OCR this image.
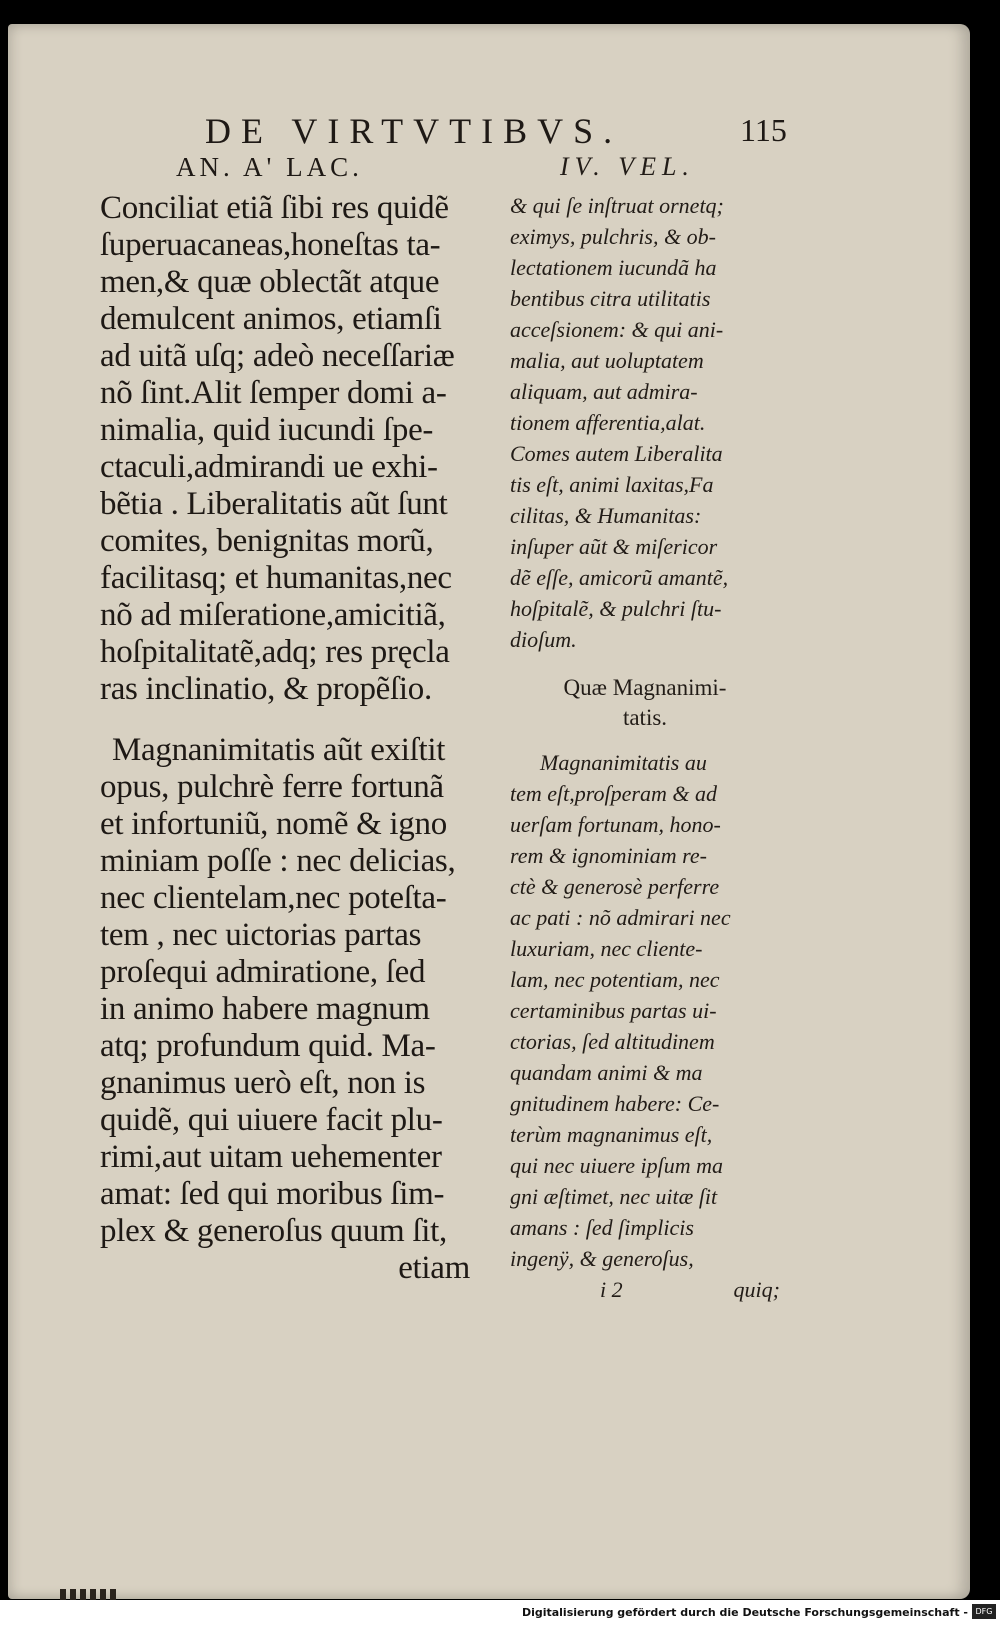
DE VIRTVTIBVS.	115
AN. A' LAC.
Conciliat etiã ſibi res quidẽ
ſuperuacaneas,honeſtas ta-
men,& quæ oblectãt atque
demulcent animos, etiamſi
ad uitã uſq; adeò neceſſariæ
nõ ſint.Alit ſemper domi a-
nimalia, quid iucundi ſpe-
ctaculi,admirandi ue exhi-
bẽtia . Liberalitatis aũt ſunt
comites, benignitas morũ,
facilitasq; et humanitas,nec
nõ ad miſeratione,amicitiã,
hoſpitalitatẽ,adq; res pręcla
ras inclinatio, & propẽſio.
Magnanimitatis aũt exiſtit
opus, pulchrè ferre fortunã
et infortuniũ, nomẽ & igno
miniam poſſe : nec delicias,
nec clientelam,nec poteſta-
tem , nec uictorias partas
proſequi admiratione, ſed
in animo habere magnum
atq; profundum quid. Ma-
gnanimus uerò eſt, non is
quidẽ, qui uiuere facit plu-
rimi,aut uitam uehementer
amat: ſed qui moribus ſim-
plex & generoſus quum ſit,
etiam
IV. VEL.
& qui ſe inſtruat ornetq;
eximys, pulchris, & ob-
lectationem iucundã ha
bentibus citra utilitatis
acceſsionem: & qui ani-
malia, aut uoluptatem
aliquam, aut admira-
tionem afferentia,alat.
Comes autem Liberalita
tis eſt, animi laxitas,Fa
cilitas, & Humanitas:
inſuper aũt & miſericor
dẽ eſſe, amicorũ amantẽ,
hoſpitalẽ, & pulchri ſtu-
dioſum.
Quæ Magnanimi-
tatis.
Magnanimitatis au
tem eſt,proſperam & ad
uerſam fortunam, hono-
rem & ignominiam re-
ctè & generosè perferre
ac pati : nõ admirari nec
luxuriam, nec cliente-
lam, nec potentiam, nec
certaminibus partas ui-
ctorias, ſed altitudinem
quandam animi & ma
gnitudinem habere: Ce-
terùm magnanimus eſt,
qui nec uiuere ipſum ma
gni æſtimet, nec uitæ ſit
amans : ſed ſimplicis
ingenÿ, & generoſus,
i 2	quiq;
Digitalisierung gefördert durch die Deutsche Forschungsgemeinschaft - DFG
